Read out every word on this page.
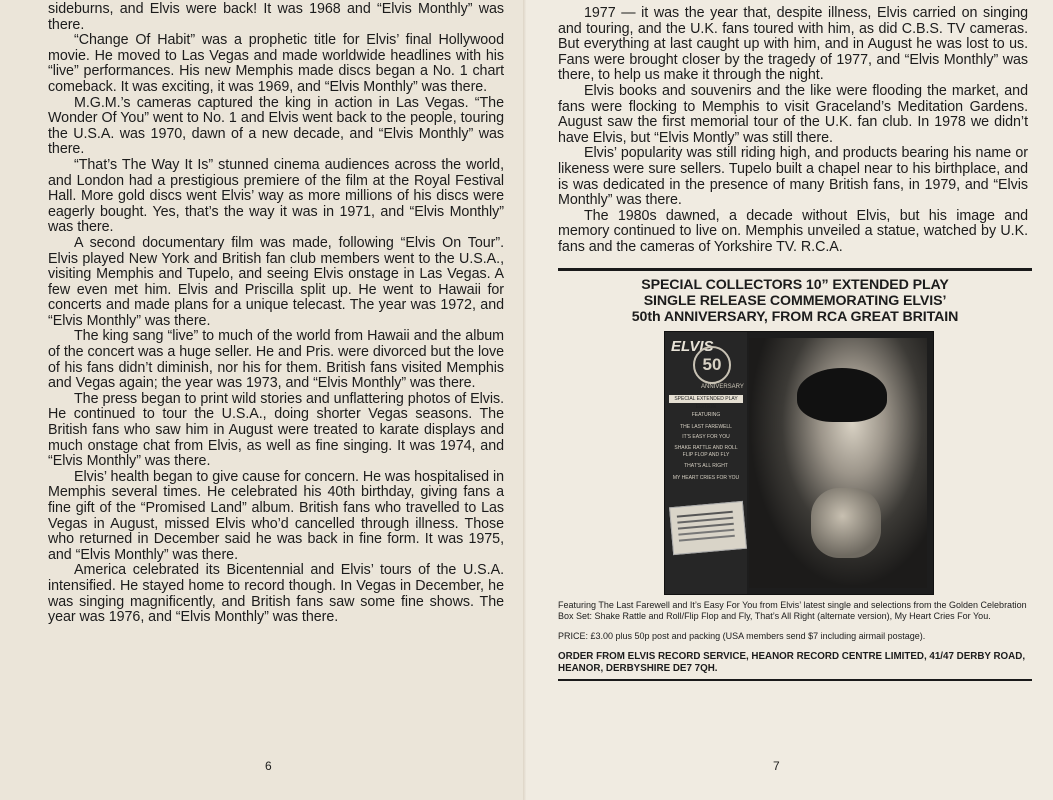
sideburns, and Elvis were back! It was 1968 and “Elvis Monthly” was there.

“Change Of Habit” was a prophetic title for Elvis’ final Hollywood movie. He moved to Las Vegas and made worldwide headlines with his “live” performances. His new Memphis made discs began a No. 1 chart comeback. It was exciting, it was 1969, and “Elvis Monthly” was there.

M.G.M.’s cameras captured the king in action in Las Vegas. “The Wonder Of You” went to No. 1 and Elvis went back to the people, touring the U.S.A. was 1970, dawn of a new decade, and “Elvis Monthly” was there.

“That’s The Way It Is” stunned cinema audiences across the world, and London had a prestigious premiere of the film at the Royal Festival Hall. More gold discs went Elvis’ way as more millions of his discs were eagerly bought. Yes, that’s the way it was in 1971, and “Elvis Monthly” was there.

A second documentary film was made, following “Elvis On Tour”. Elvis played New York and British fan club members went to the U.S.A., visiting Memphis and Tupelo, and seeing Elvis onstage in Las Vegas. A few even met him. Elvis and Priscilla split up. He went to Hawaii for concerts and made plans for a unique telecast. The year was 1972, and “Elvis Monthly” was there.

The king sang “live” to much of the world from Hawaii and the album of the concert was a huge seller. He and Pris. were divorced but the love of his fans didn’t diminish, nor his for them. British fans visited Memphis and Vegas again; the year was 1973, and “Elvis Monthly” was there.

The press began to print wild stories and unflattering photos of Elvis. He continued to tour the U.S.A., doing shorter Vegas seasons. The British fans who saw him in August were treated to karate displays and much onstage chat from Elvis, as well as fine singing. It was 1974, and “Elvis Monthly” was there.

Elvis’ health began to give cause for concern. He was hospitalised in Memphis several times. He celebrated his 40th birthday, giving fans a fine gift of the “Promised Land” album. British fans who travelled to Las Vegas in August, missed Elvis who’d cancelled through illness. Those who returned in December said he was back in fine form. It was 1975, and “Elvis Monthly” was there.

America celebrated its Bicentennial and Elvis’ tours of the U.S.A. intensified. He stayed home to record though. In Vegas in December, he was singing magnificently, and British fans saw some fine shows. The year was 1976, and “Elvis Monthly” was there.

6

1977 — it was the year that, despite illness, Elvis carried on singing and touring, and the U.K. fans toured with him, as did C.B.S. TV cameras. But everything at last caught up with him, and in August he was lost to us. Fans were brought closer by the tragedy of 1977, and “Elvis Monthly” was there, to help us make it through the night.

Elvis books and souvenirs and the like were flooding the market, and fans were flocking to Memphis to visit Graceland’s Meditation Gardens. August saw the first memorial tour of the U.K. fan club. In 1978 we didn’t have Elvis, but “Elvis Montly” was still there.

Elvis’ popularity was still riding high, and products bearing his name or likeness were sure sellers. Tupelo built a chapel near to his birthplace, and is was dedicated in the presence of many British fans, in 1979, and “Elvis Monthly” was there.

The 1980s dawned, a decade without Elvis, but his image and memory continued to live on. Memphis unveiled a statue, watched by U.K. fans and the cameras of Yorkshire TV. R.C.A.

SPECIAL COLLECTORS 10” EXTENDED PLAY
SINGLE RELEASE COMMEMORATING ELVIS’
50th ANNIVERSARY, FROM RCA GREAT BRITAIN
ELVIS
50
ANNIVERSARY
SPECIAL EXTENDED PLAY EDITION
FEATURING
THE LAST FAREWELL
IT'S EASY FOR YOU
SHAKE RATTLE AND ROLL
FLIP FLOP AND FLY
THAT'S ALL RIGHT
MY HEART CRIES FOR YOU

Featuring The Last Farewell and It’s Easy For You from Elvis’ latest single and selections from the Golden Celebration Box Set: Shake Rattle and Roll/Flip Flop and Fly, That’s All Right (alternate version), My Heart Cries For You.

PRICE: £3.00 plus 50p post and packing (USA members send $7 including airmail postage).

ORDER FROM ELVIS RECORD SERVICE, HEANOR RECORD CENTRE LIMITED, 41/47 DERBY ROAD, HEANOR, DERBYSHIRE DE7 7QH.

7
